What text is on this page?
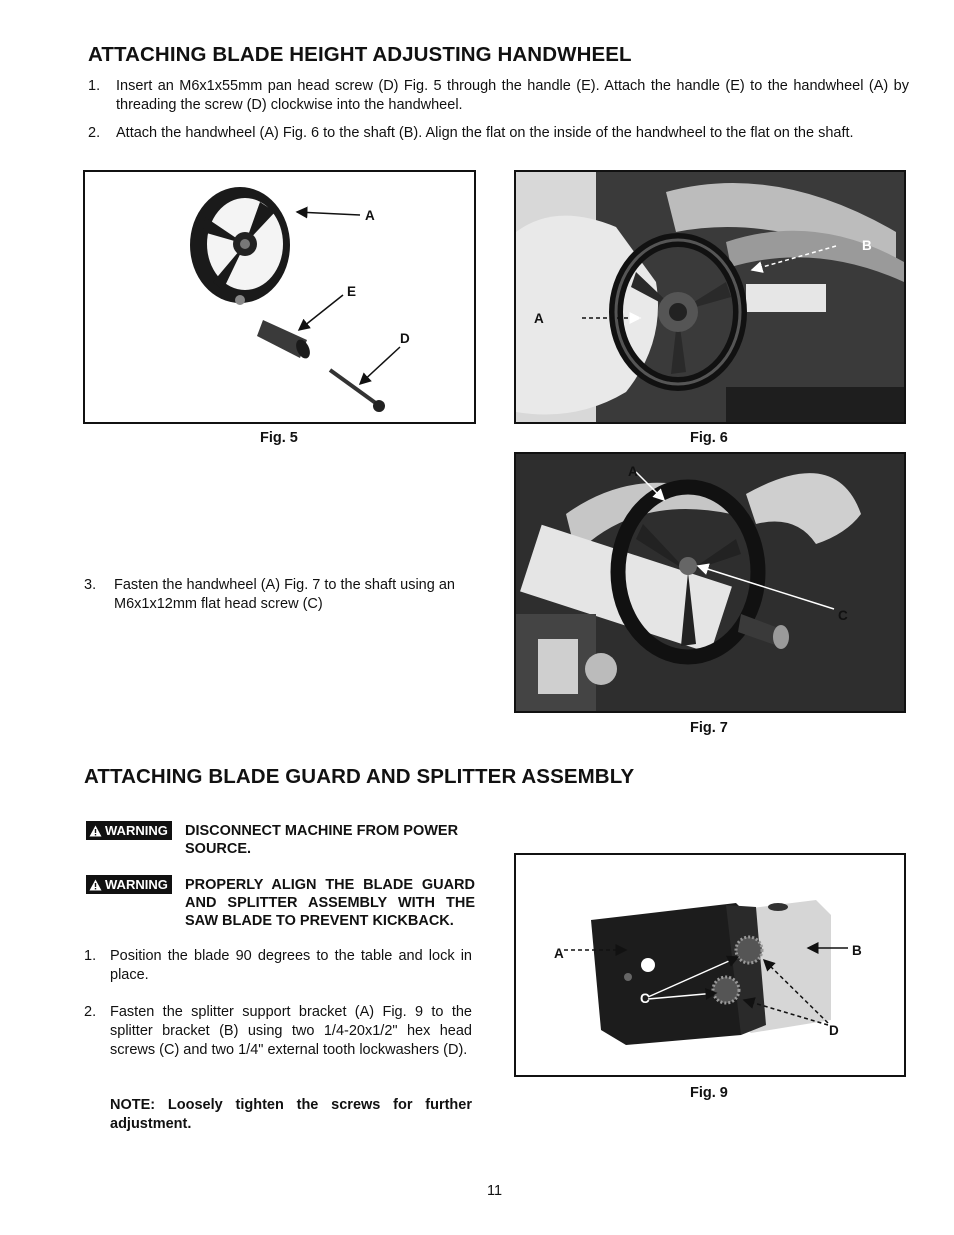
ATTACHING BLADE HEIGHT ADJUSTING HANDWHEEL
1. Insert an M6x1x55mm pan head screw (D) Fig. 5 through the handle (E). Attach the handle (E) to the handwheel (A) by threading the screw (D) clockwise into the handwheel.
2. Attach the handwheel (A) Fig. 6 to the shaft (B). Align the flat on the inside of the handwheel to the flat on the shaft.
A
E
D
Fig. 5
A
B
Fig. 6
A
C
Fig. 7
3. Fasten the handwheel (A) Fig. 7 to the shaft using an M6x1x12mm flat head screw (C)
ATTACHING BLADE GUARD AND SPLITTER ASSEMBLY
WARNING DISCONNECT MACHINE FROM POWER SOURCE.
WARNING PROPERLY ALIGN THE BLADE GUARD AND SPLITTER ASSEMBLY WITH THE SAW BLADE TO PREVENT KICKBACK.
1. Position the blade 90 degrees to the table and lock in place.
2. Fasten the splitter support bracket (A) Fig. 9 to the splitter bracket (B) using two 1/4-20x1/2" hex head screws (C) and two 1/4" external tooth lockwashers (D).
NOTE: Loosely tighten the screws for further adjustment.
A	B
C
D
Fig. 9
11
